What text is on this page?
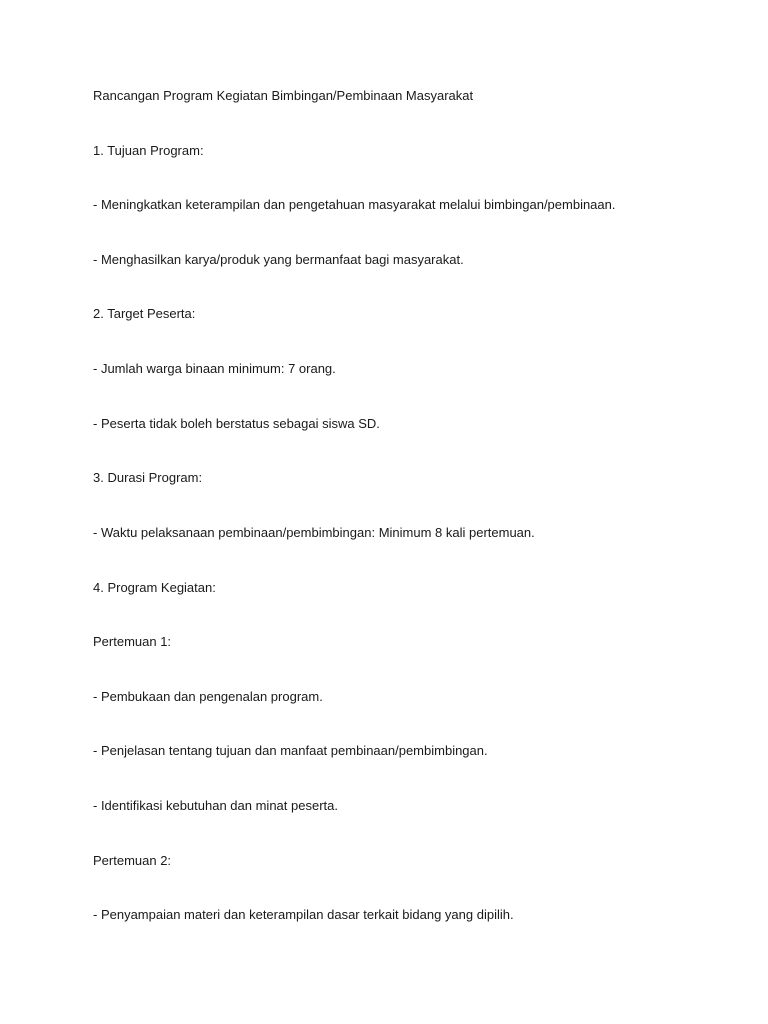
Rancangan Program Kegiatan Bimbingan/Pembinaan Masyarakat

1. Tujuan Program:

- Meningkatkan keterampilan dan pengetahuan masyarakat melalui bimbingan/pembinaan.

- Menghasilkan karya/produk yang bermanfaat bagi masyarakat.

2. Target Peserta:

- Jumlah warga binaan minimum: 7 orang.

- Peserta tidak boleh berstatus sebagai siswa SD.

3. Durasi Program:

- Waktu pelaksanaan pembinaan/pembimbingan: Minimum 8 kali pertemuan.

4. Program Kegiatan:

Pertemuan 1:

- Pembukaan dan pengenalan program.

- Penjelasan tentang tujuan dan manfaat pembinaan/pembimbingan.

- Identifikasi kebutuhan dan minat peserta.

Pertemuan 2:

- Penyampaian materi dan keterampilan dasar terkait bidang yang dipilih.
